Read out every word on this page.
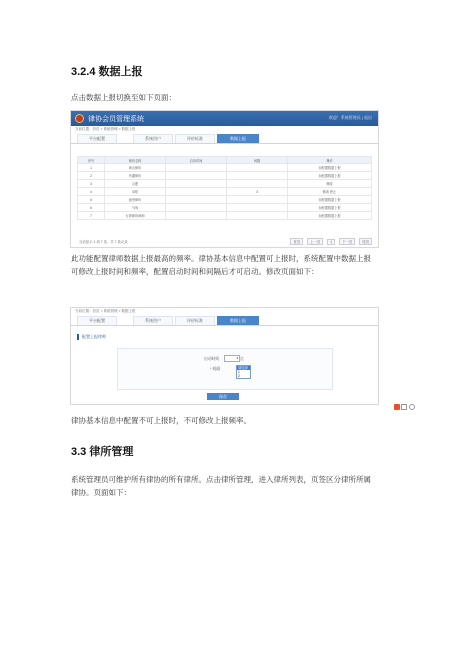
3.2.4 数据上报
点击数据上报切换至如下页面：
律协会员管理系统	欢迎！系统管理员 | 退出
当前位置：首页 > 系统管理 > 数据上报
平台配置	系统用户	评价标准	数据上报
序号	律协名称	启动时间	间隔	操作
1	黄山律协			未配置数据上报
2	芜湖律协			未配置数据上报
3	合肥			修改
4	阜阳		3	修改 停止
5	池州律协			未配置数据上报
6	马尚			未配置数据上报
7	台湾律协律师			未配置数据上报
当前显示 1 到 7 条，共 7 条记录	首页	上一页	1	下一页	尾页
此功能配置律师数据上报最高的频率。律协基本信息中配置可上报时，系统配置中数据上报可修改上报时间和频率，配置启动时间和间隔后才可启动。修改页面如下：
当前位置：首页 > 系统管理 > 数据上报
平台配置	系统用户	评价标准	数据上报
配置上报律师
启动时间	▾ 点
* 间隔	请选择
1
2
保存

律协基本信息中配置不可上报时，不可修改上报频率。
3.3 律所管理
系统管理员可维护所有律协的所有律所。点击律所管理，进入律所列表，页签区分律所所属律协。页面如下：
